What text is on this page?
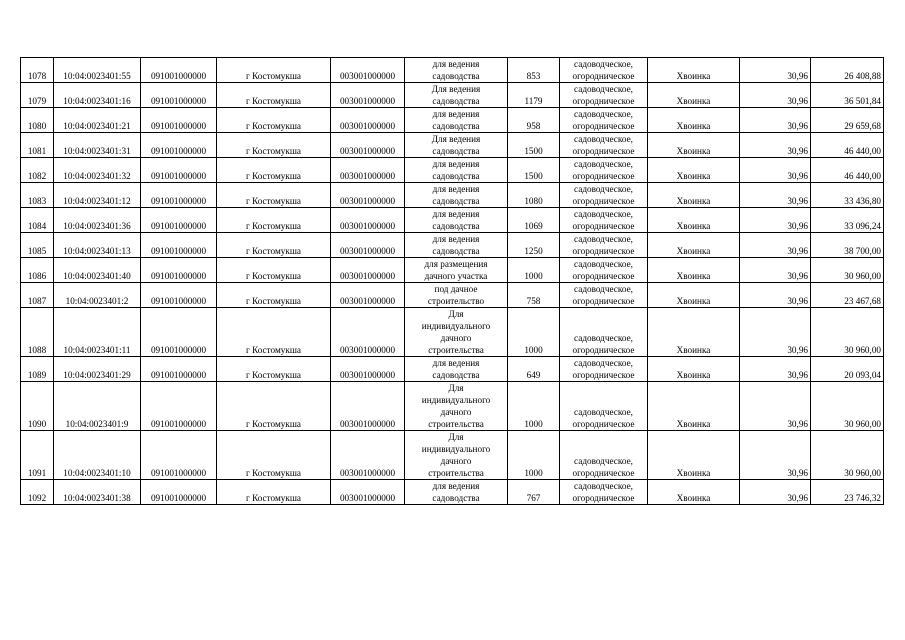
1078	10:04:0023401:55	091001000000	г Костомукша	003001000000	для ведения
садоводства	853	садоводческое,
огородническое	Хвоинка	30,96	26 408,88
1079	10:04:0023401:16	091001000000	г Костомукша	003001000000	Для ведения
садоводства	1179	садоводческое,
огородническое	Хвоинка	30,96	36 501,84
1080	10:04:0023401:21	091001000000	г Костомукша	003001000000	для ведения
садоводства	958	садоводческое,
огородническое	Хвоинка	30,96	29 659,68
1081	10:04:0023401:31	091001000000	г Костомукша	003001000000	Для ведения
садоводства	1500	садоводческое,
огородническое	Хвоинка	30,96	46 440,00
1082	10:04:0023401:32	091001000000	г Костомукша	003001000000	для ведения
садоводства	1500	садоводческое,
огородническое	Хвоинка	30,96	46 440,00
1083	10:04:0023401:12	091001000000	г Костомукша	003001000000	для ведения
садоводства	1080	садоводческое,
огородническое	Хвоинка	30,96	33 436,80
1084	10:04:0023401:36	091001000000	г Костомукша	003001000000	для ведения
садоводства	1069	садоводческое,
огородническое	Хвоинка	30,96	33 096,24
1085	10:04:0023401:13	091001000000	г Костомукша	003001000000	для ведения
садоводства	1250	садоводческое,
огородническое	Хвоинка	30,96	38 700,00
1086	10:04:0023401:40	091001000000	г Костомукша	003001000000	для размещения
дачного участка	1000	садоводческое,
огородническое	Хвоинка	30,96	30 960,00
1087	10:04:0023401:2	091001000000	г Костомукша	003001000000	под дачное
строительство	758	садоводческое,
огородническое	Хвоинка	30,96	23 467,68
1088	10:04:0023401:11	091001000000	г Костомукша	003001000000	Для
индивидуального
дачного
строительства	1000	садоводческое,
огородническое	Хвоинка	30,96	30 960,00
1089	10:04:0023401:29	091001000000	г Костомукша	003001000000	для ведения
садоводства	649	садоводческое,
огородническое	Хвоинка	30,96	20 093,04
1090	10:04:0023401:9	091001000000	г Костомукша	003001000000	Для
индивидуального
дачного
строительства	1000	садоводческое,
огородническое	Хвоинка	30,96	30 960,00
1091	10:04:0023401:10	091001000000	г Костомукша	003001000000	Для
индивидуального
дачного
строительства	1000	садоводческое,
огородническое	Хвоинка	30,96	30 960,00
1092	10:04:0023401:38	091001000000	г Костомукша	003001000000	для ведения
садоводства	767	садоводческое,
огородническое	Хвоинка	30,96	23 746,32
